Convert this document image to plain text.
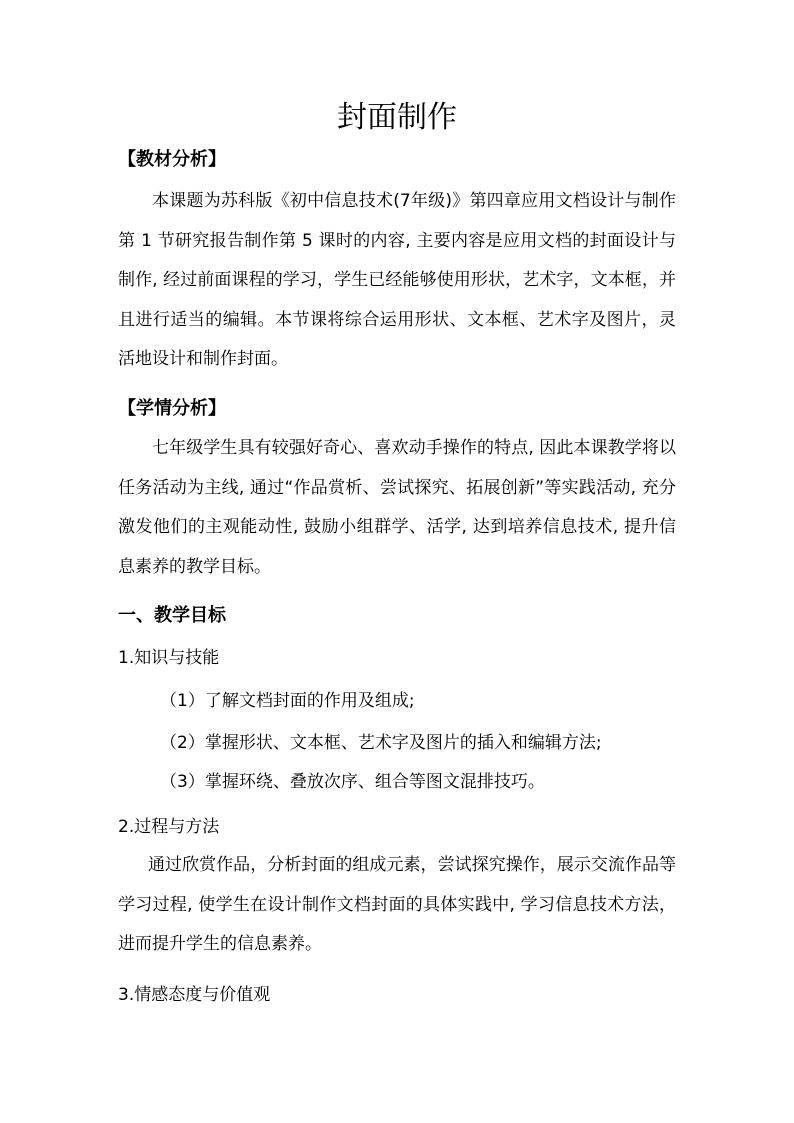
封面制作
【教材分析】

本课题为苏科版《初中信息技术(7年级)》第四章应用文档设计与制作第 1 节研究报告制作第 5 课时的内容, 主要内容是应用文档的封面设计与制作, 经过前面课程的学习，学生已经能够使用形状，艺术字，文本框，并且进行适当的编辑。本节课将综合运用形状、文本框、艺术字及图片，灵活地设计和制作封面。

【学情分析】

七年级学生具有较强好奇心、喜欢动手操作的特点, 因此本课教学将以任务活动为主线, 通过“作品赏析、尝试探究、拓展创新”等实践活动, 充分激发他们的主观能动性, 鼓励小组群学、活学, 达到培养信息技术, 提升信息素养的教学目标。

一、教学目标
1.知识与技能
（1）了解文档封面的作用及组成;
（2）掌握形状、文本框、艺术字及图片的插入和编辑方法;
（3）掌握环绕、叠放次序、组合等图文混排技巧。
2.过程与方法

通过欣赏作品，分析封面的组成元素，尝试探究操作，展示交流作品等学习过程, 使学生在设计制作文档封面的具体实践中, 学习信息技术方法，进而提升学生的信息素养。

3.情感态度与价值观
